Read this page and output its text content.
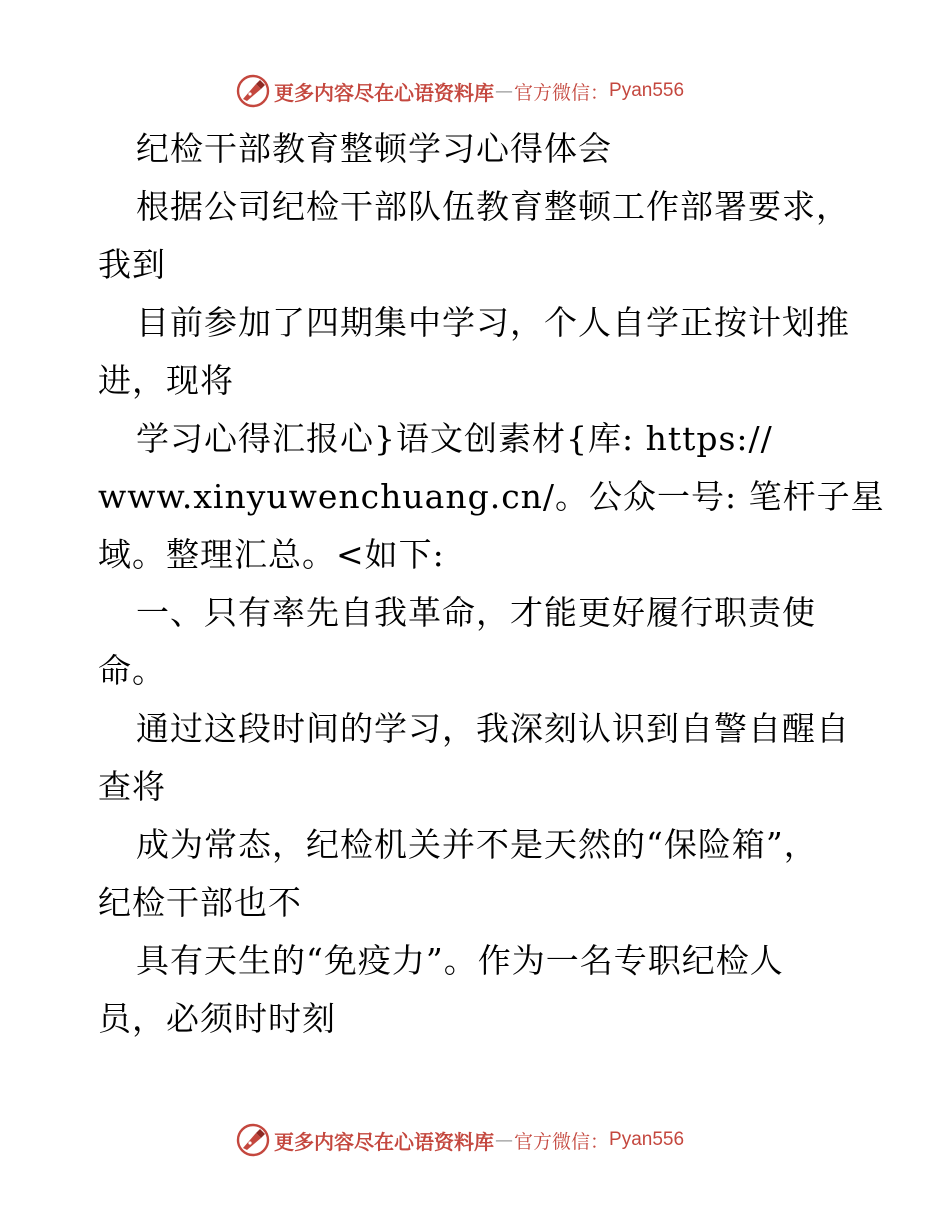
更多内容尽在心语资料库 — 官方微信： Pyan556
纪检干部教育整顿学习心得体会
根据公司纪检干部队伍教育整顿工作部署要求，
我到
目前参加了四期集中学习，个人自学正按计划推
进，现将
学习心得汇报心}语文创素材{库: https://
www.xinyuwenchuang.cn/。公众一号: 笔杆子星
域。整理汇总。<如下:
一、只有率先自我革命，才能更好履行职责使
命。
通过这段时间的学习，我深刻认识到自警自醒自
查将
成为常态，纪检机关并不是天然的“保险箱”，
纪检干部也不
具有天生的“免疫力”。作为一名专职纪检人
员，必须时时刻
更多内容尽在心语资料库 — 官方微信： Pyan556
